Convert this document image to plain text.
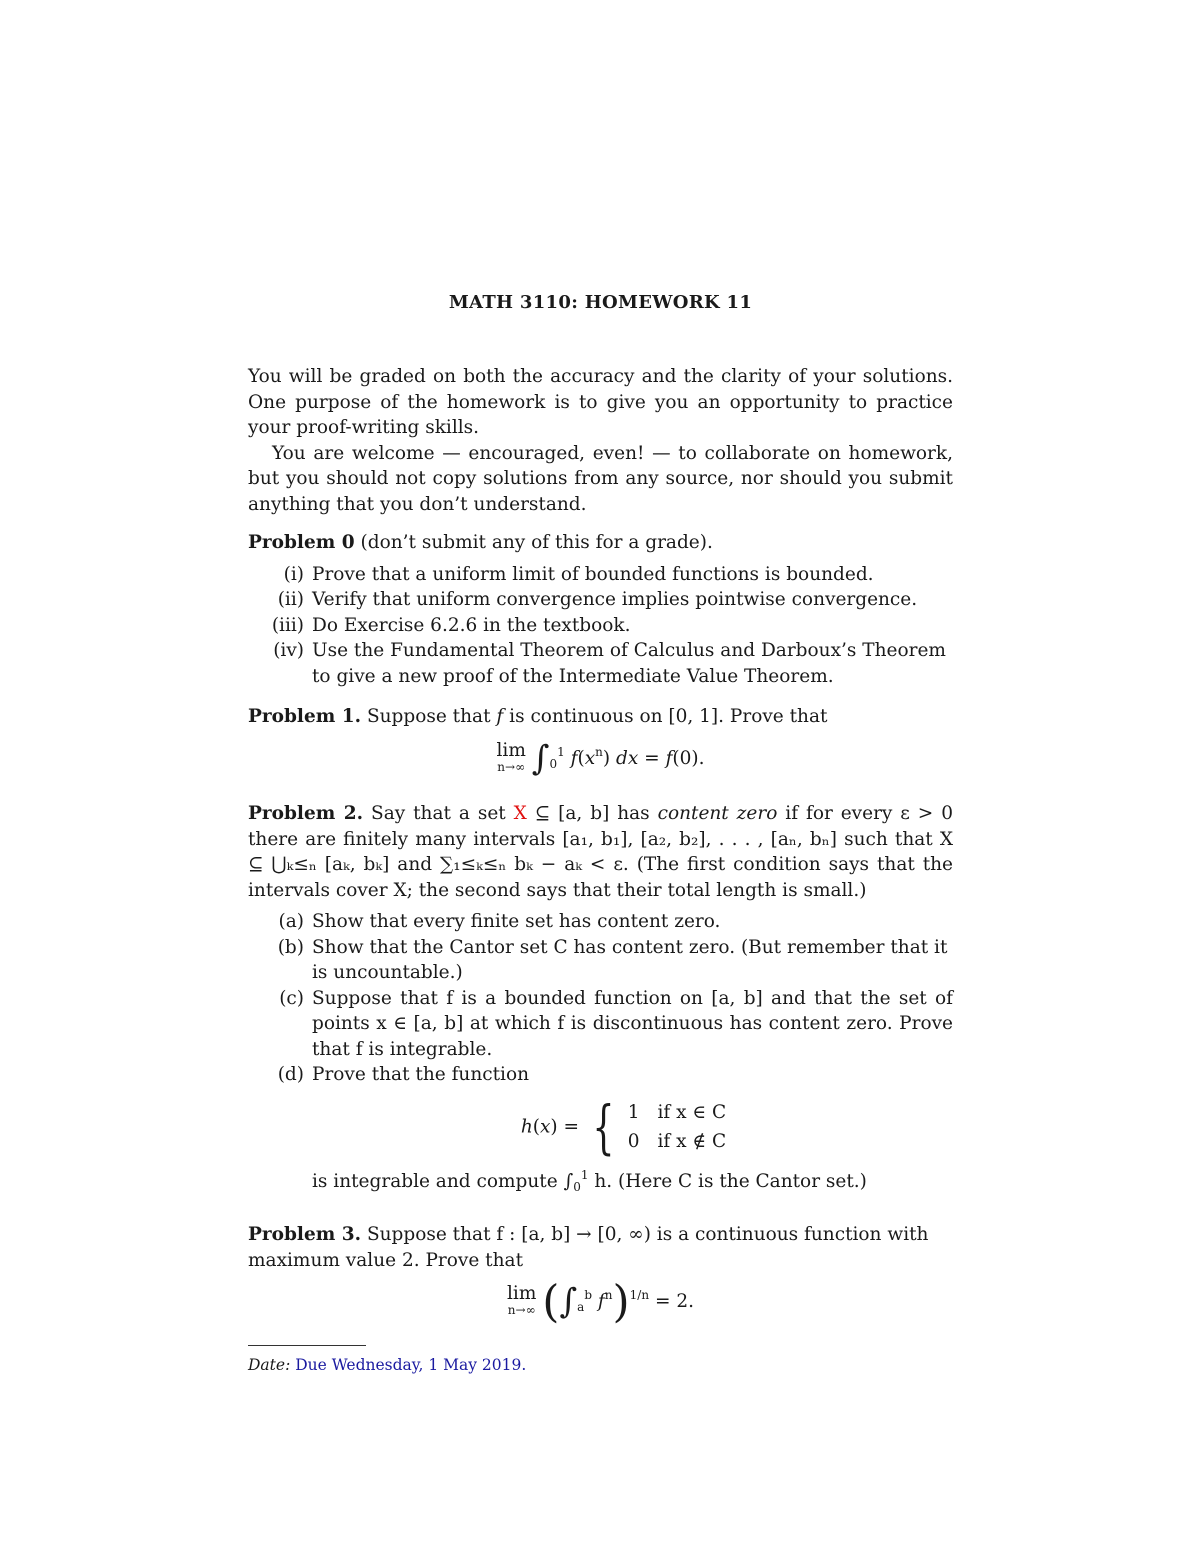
MATH 3110: HOMEWORK 11

You will be graded on both the accuracy and the clarity of your solutions. One purpose of the homework is to give you an opportunity to practice your proof-writing skills.

You are welcome — encouraged, even! — to collaborate on homework, but you should not copy solutions from any source, nor should you submit anything that you don’t understand.

Problem 0 (don’t submit any of this for a grade).

(i) Prove that a uniform limit of bounded functions is bounded.
(ii) Verify that uniform convergence implies pointwise convergence.
(iii) Do Exercise 6.2.6 in the textbook.
(iv) Use the Fundamental Theorem of Calculus and Darboux’s Theorem to give a new proof of the Intermediate Value Theorem.

Problem 1. Suppose that f is continuous on [0, 1]. Prove that

lim
n→∞ $\int_0^1$ $f(x^n)$ dx = f(0).

Problem 2. Say that a set X ⊆ [a, b] has content zero if for every ε > 0 there are finitely many intervals [a₁, b₁], [a₂, b₂], . . . , [aₙ, bₙ] such that X ⊆ ⋃ₖ≤ₙ [aₖ, bₖ] and ∑₁≤ₖ≤ₙ bₖ − aₖ < ε. (The first condition says that the intervals cover X; the second says that their total length is small.)

(a) Show that every finite set has content zero.
(b) Show that the Cantor set C has content zero. (But remember that it is uncountable.)
(c) Suppose that f is a bounded function on [a, b] and that the set of points x ∈ [a, b] at which f is discontinuous has content zero. Prove that f is integrable.
(d) Prove that the function
h(x) = { 1	if x ∈ C
0	if x ∉ C

is integrable and compute $\int_0^1$ h. (Here C is the Cantor set.)

Problem 3. Suppose that f : [a, b] → [0, ∞) is a continuous function with maximum value 2. Prove that

lim
n→∞ ($\int_a^b$ $f^n)^{1/n} = 2$.
Date: Due Wednesday, 1 May 2019.
